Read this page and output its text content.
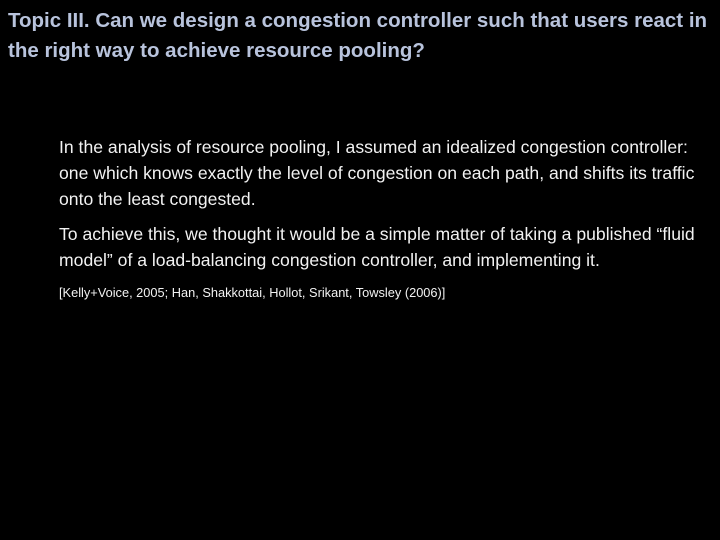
Topic III. Can we design a congestion controller such that users react in the right way to achieve resource pooling?

In the analysis of resource pooling, I assumed an idealized congestion controller: one which knows exactly the level of congestion on each path, and shifts its traffic onto the least congested.

To achieve this, we thought it would be a simple matter of taking a published “fluid model” of a load-balancing congestion controller, and implementing it.

[Kelly+Voice, 2005; Han, Shakkottai, Hollot, Srikant, Towsley (2006)]
